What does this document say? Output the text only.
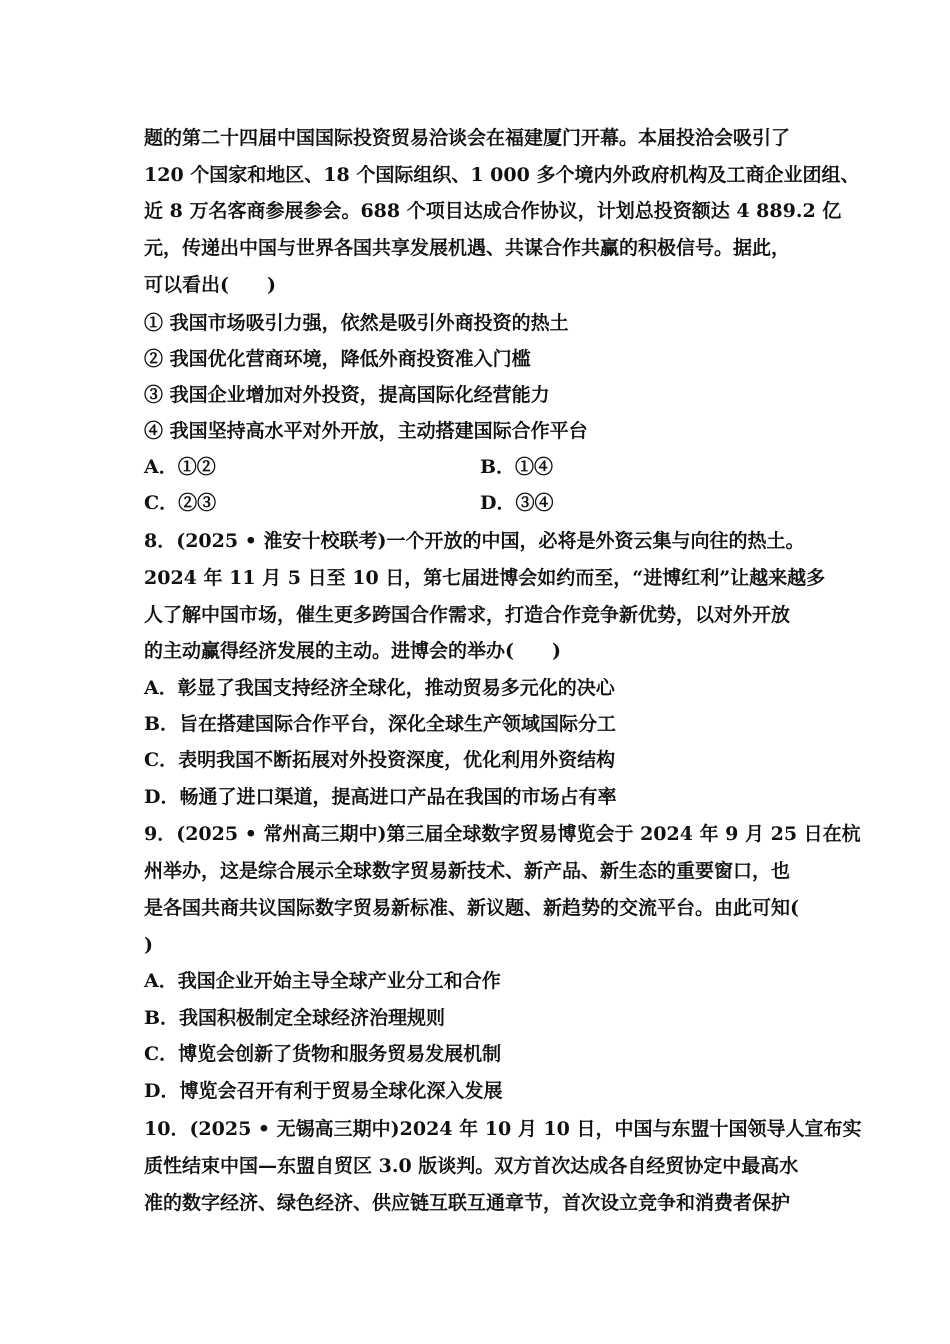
题的第二十四届中国国际投资贸易洽谈会在福建厦门开幕。本届投洽会吸引了
120 个国家和地区、18 个国际组织、1 000 多个境内外政府机构及工商企业团组、
近 8 万名客商参展参会。688 个项目达成合作协议，计划总投资额达 4 889.2 亿
元，传递出中国与世界各国共享发展机遇、共谋合作共赢的积极信号。据此，
可以看出(　　)
① 我国市场吸引力强，依然是吸引外商投资的热土
② 我国优化营商环境，降低外商投资准入门槛
③ 我国企业增加对外投资，提高国际化经营能力
④ 我国坚持高水平对外开放，主动搭建国际合作平台
A．①②	B．①④
C．②③	D．③④
8．(2025 • 淮安十校联考)一个开放的中国，必将是外资云集与向往的热土。
2024 年 11 月 5 日至 10 日，第七届进博会如约而至，“进博红利”让越来越多
人了解中国市场，催生更多跨国合作需求，打造合作竞争新优势，以对外开放
的主动赢得经济发展的主动。进博会的举办(　　)
A．彰显了我国支持经济全球化，推动贸易多元化的决心
B．旨在搭建国际合作平台，深化全球生产领域国际分工
C．表明我国不断拓展对外投资深度，优化利用外资结构
D．畅通了进口渠道，提高进口产品在我国的市场占有率
9．(2025 • 常州高三期中)第三届全球数字贸易博览会于 2024 年 9 月 25 日在杭
州举办，这是综合展示全球数字贸易新技术、新产品、新生态的重要窗口，也
是各国共商共议国际数字贸易新标准、新议题、新趋势的交流平台。由此可知(
)
A．我国企业开始主导全球产业分工和合作
B．我国积极制定全球经济治理规则
C．博览会创新了货物和服务贸易发展机制
D．博览会召开有利于贸易全球化深入发展
10．(2025 • 无锡高三期中)2024 年 10 月 10 日，中国与东盟十国领导人宣布实
质性结束中国—东盟自贸区 3.0 版谈判。双方首次达成各自经贸协定中最高水
准的数字经济、绿色经济、供应链互联互通章节，首次设立竞争和消费者保护
